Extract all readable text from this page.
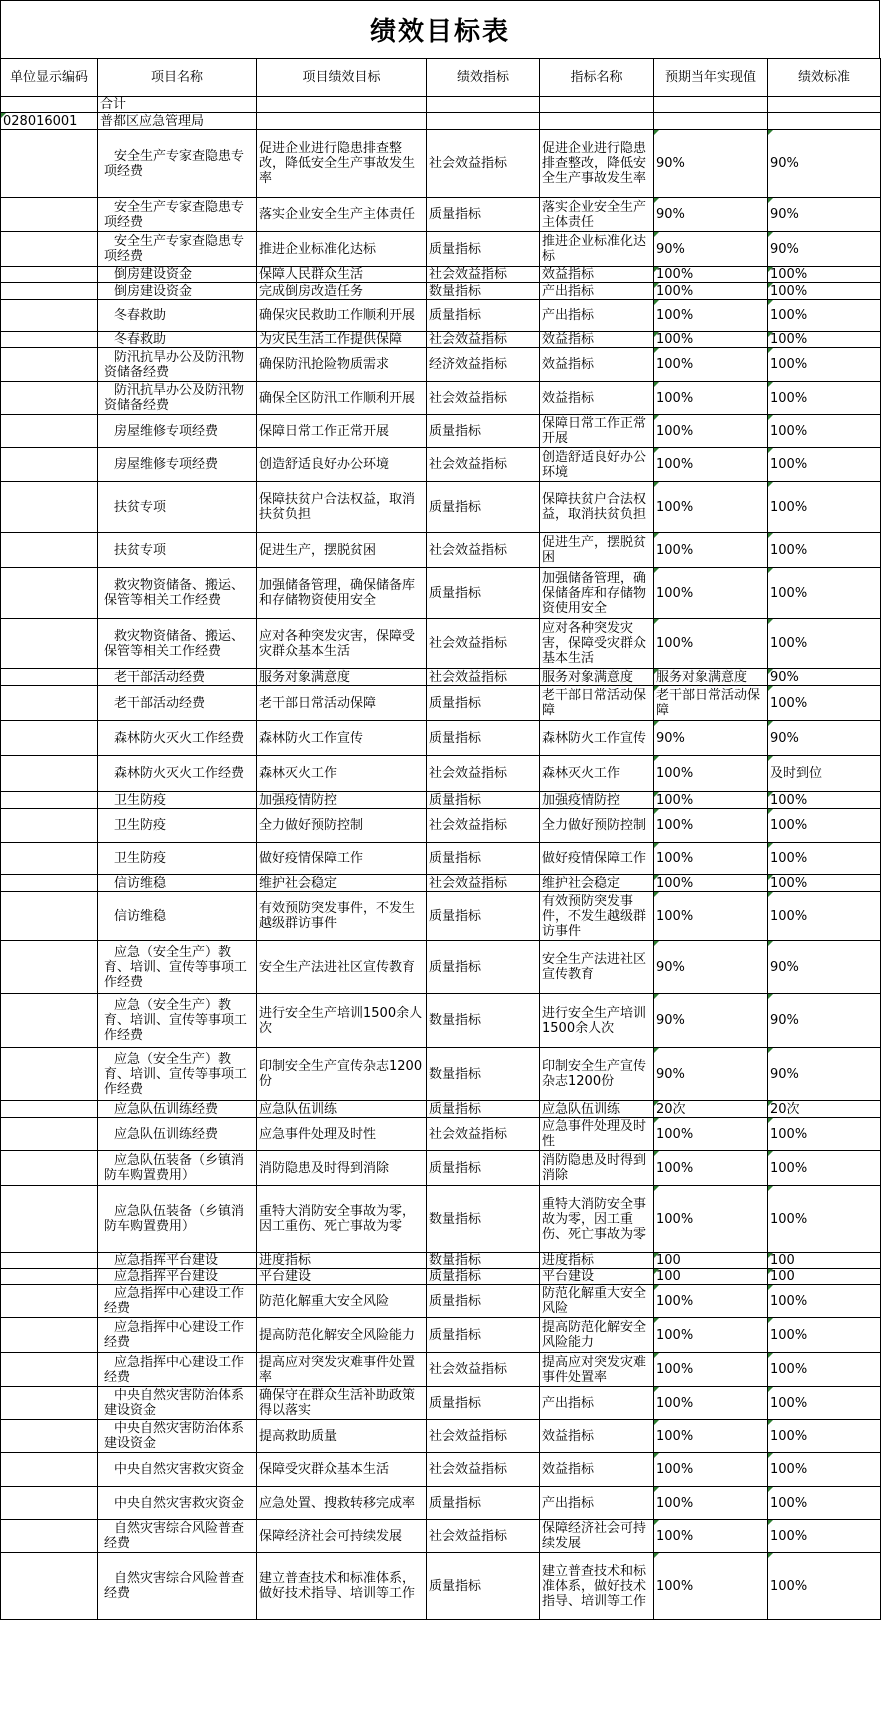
绩效目标表
单位显示编码	项目名称	项目绩效目标	绩效指标	指标名称	预期当年实现值	绩效标准
	合计					
028016001	普都区应急管理局					
	安全生产专家查隐患专项经费	促进企业进行隐患排查整改，降低安全生产事故发生率	社会效益指标	促进企业进行隐患排查整改，降低安全生产事故发生率	90%	90%
	安全生产专家查隐患专项经费	落实企业安全生产主体责任	质量指标	落实企业安全生产主体责任	90%	90%
	安全生产专家查隐患专项经费	推进企业标准化达标	质量指标	推进企业标准化达标	90%	90%
	倒房建设资金	保障人民群众生活	社会效益指标	效益指标	100%	100%
	倒房建设资金	完成倒房改造任务	数量指标	产出指标	100%	100%
	冬春救助	确保灾民救助工作顺利开展	质量指标	产出指标	100%	100%
	冬春救助	为灾民生活工作提供保障	社会效益指标	效益指标	100%	100%
	防汛抗旱办公及防汛物资储备经费	确保防汛抢险物质需求	经济效益指标	效益指标	100%	100%
	防汛抗旱办公及防汛物资储备经费	确保全区防汛工作顺利开展	社会效益指标	效益指标	100%	100%
	房屋维修专项经费	保障日常工作正常开展	质量指标	保障日常工作正常开展	100%	100%
	房屋维修专项经费	创造舒适良好办公环境	社会效益指标	创造舒适良好办公环境	100%	100%
	扶贫专项	保障扶贫户合法权益，取消扶贫负担	质量指标	保障扶贫户合法权益，取消扶贫负担	100%	100%
	扶贫专项	促进生产，摆脱贫困	社会效益指标	促进生产，摆脱贫困	100%	100%
	救灾物资储备、搬运、保管等相关工作经费	加强储备管理，确保储备库和存储物资使用安全	质量指标	加强储备管理，确保储备库和存储物资使用安全	100%	100%
	救灾物资储备、搬运、保管等相关工作经费	应对各种突发灾害，保障受灾群众基本生活	社会效益指标	应对各种突发灾害，保障受灾群众基本生活	100%	100%
	老干部活动经费	服务对象满意度	社会效益指标	服务对象满意度	服务对象满意度	90%
	老干部活动经费	老干部日常活动保障	质量指标	老干部日常活动保障	老干部日常活动保障	100%
	森林防火灭火工作经费	森林防火工作宣传	质量指标	森林防火工作宣传	90%	90%
	森林防火灭火工作经费	森林灭火工作	社会效益指标	森林灭火工作	100%	及时到位
	卫生防疫	加强疫情防控	质量指标	加强疫情防控	100%	100%
	卫生防疫	全力做好预防控制	社会效益指标	全力做好预防控制	100%	100%
	卫生防疫	做好疫情保障工作	质量指标	做好疫情保障工作	100%	100%
	信访维稳	维护社会稳定	社会效益指标	维护社会稳定	100%	100%
	信访维稳	有效预防突发事件，不发生越级群访事件	质量指标	有效预防突发事件，不发生越级群访事件	100%	100%
	应急（安全生产）教育、培训、宣传等事项工作经费	安全生产法进社区宣传教育	质量指标	安全生产法进社区宣传教育	90%	90%
	应急（安全生产）教育、培训、宣传等事项工作经费	进行安全生产培训1500余人次	数量指标	进行安全生产培训1500余人次	90%	90%
	应急（安全生产）教育、培训、宣传等事项工作经费	印制安全生产宣传杂志1200份	数量指标	印制安全生产宣传杂志1200份	90%	90%
	应急队伍训练经费	应急队伍训练	质量指标	应急队伍训练	20次	20次
	应急队伍训练经费	应急事件处理及时性	社会效益指标	应急事件处理及时性	100%	100%
	应急队伍装备（乡镇消防车购置费用）	消防隐患及时得到消除	质量指标	消防隐患及时得到消除	100%	100%
	应急队伍装备（乡镇消防车购置费用）	重特大消防安全事故为零，因工重伤、死亡事故为零	数量指标	重特大消防安全事故为零，因工重伤、死亡事故为零	100%	100%
	应急指挥平台建设	进度指标	数量指标	进度指标	100	100
	应急指挥平台建设	平台建设	质量指标	平台建设	100	100
	应急指挥中心建设工作经费	防范化解重大安全风险	质量指标	防范化解重大安全风险	100%	100%
	应急指挥中心建设工作经费	提高防范化解安全风险能力	质量指标	提高防范化解安全风险能力	100%	100%
	应急指挥中心建设工作经费	提高应对突发灾难事件处置率	社会效益指标	提高应对突发灾难事件处置率	100%	100%
	中央自然灾害防治体系建设资金	确保守在群众生活补助政策得以落实	质量指标	产出指标	100%	100%
	中央自然灾害防治体系建设资金	提高救助质量	社会效益指标	效益指标	100%	100%
	中央自然灾害救灾资金	保障受灾群众基本生活	社会效益指标	效益指标	100%	100%
	中央自然灾害救灾资金	应急处置、搜救转移完成率	质量指标	产出指标	100%	100%
	自然灾害综合风险普查经费	保障经济社会可持续发展	社会效益指标	保障经济社会可持续发展	100%	100%
	自然灾害综合风险普查经费	建立普查技术和标准体系，做好技术指导、培训等工作	质量指标	建立普查技术和标准体系，做好技术指导、培训等工作	100%	100%
